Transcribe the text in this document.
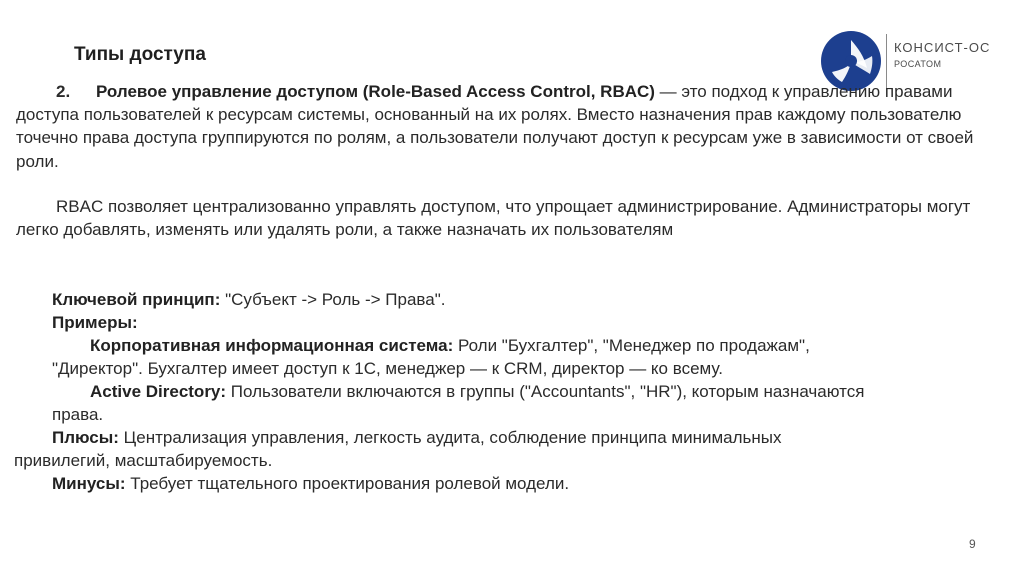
Типы доступа	КОНСИСТ-ОС
РОСАТОМ
2. Ролевое управление доступом (Role-Based Access Control, RBAC) — это подход к управлению правами доступа пользователей к ресурсам системы, основанный на их ролях. Вместо назначения прав каждому пользователю точечно права доступа группируются по ролям, а пользователи получают доступ к ресурсам уже в зависимости от своей роли.
RBAC позволяет централизованно управлять доступом, что упрощает администрирование. Администраторы могут легко добавлять, изменять или удалять роли, а также назначать их пользователям
Ключевой принцип: "Субъект -> Роль -> Права".
Примеры:
Корпоративная информационная система: Роли "Бухгалтер", "Менеджер по продажам",
"Директор". Бухгалтер имеет доступ к 1С, менеджер — к CRM, директор — ко всему.
Active Directory: Пользователи включаются в группы ("Accountants", "HR"), которым назначаются
права.
Плюсы: Централизация управления, легкость аудита, соблюдение принципа минимальных
привилегий, масштабируемость.
Минусы: Требует тщательного проектирования ролевой модели.
9
